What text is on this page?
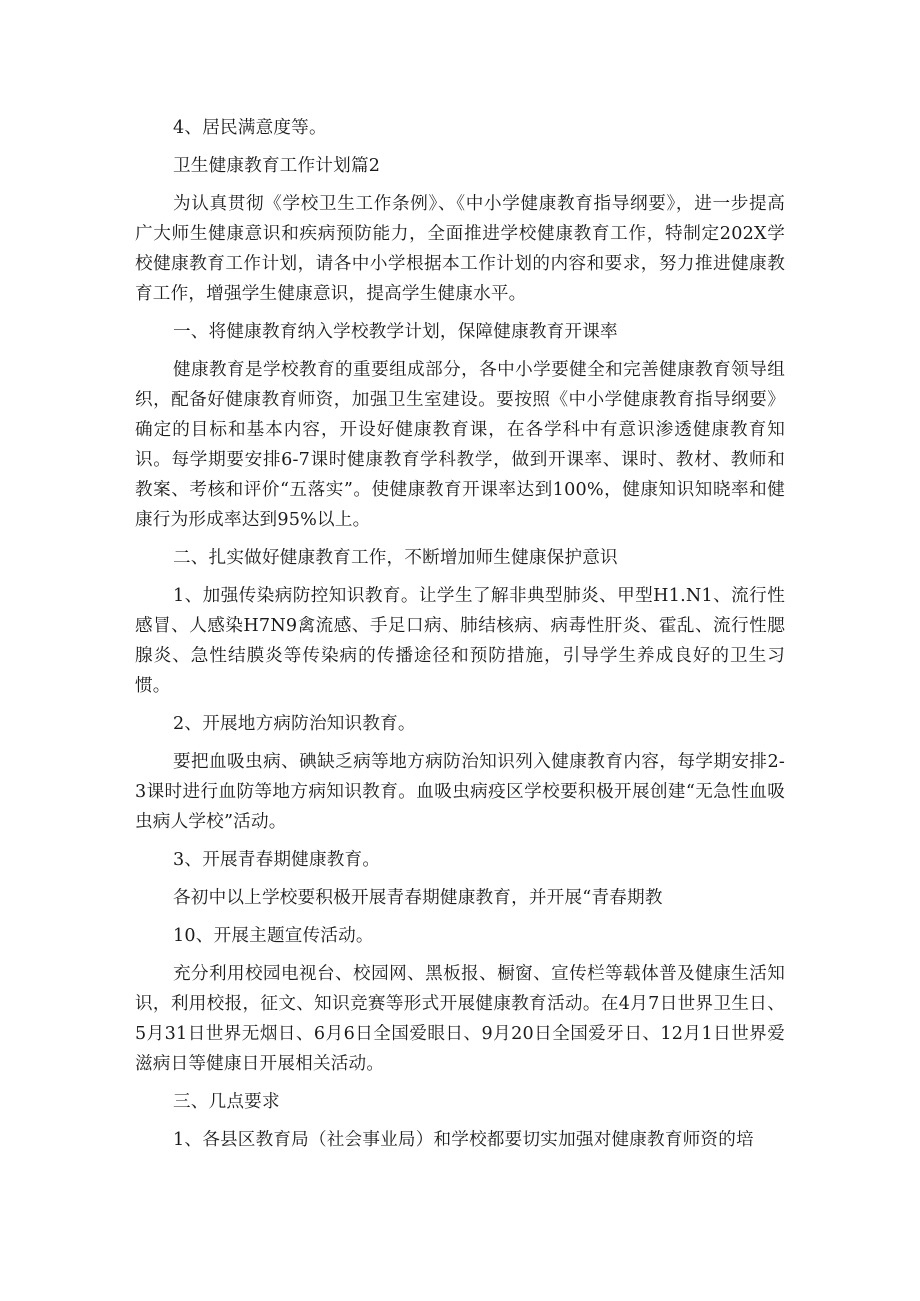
4、居民满意度等。

卫生健康教育工作计划篇2

为认真贯彻《学校卫生工作条例》、《中小学健康教育指导纲要》，进一步提高广大师生健康意识和疾病预防能力，全面推进学校健康教育工作，特制定202X学校健康教育工作计划，请各中小学根据本工作计划的内容和要求，努力推进健康教育工作，增强学生健康意识，提高学生健康水平。

一、将健康教育纳入学校教学计划，保障健康教育开课率

健康教育是学校教育的重要组成部分，各中小学要健全和完善健康教育领导组织，配备好健康教育师资，加强卫生室建设。要按照《中小学健康教育指导纲要》确定的目标和基本内容，开设好健康教育课，在各学科中有意识渗透健康教育知识。每学期要安排6-7课时健康教育学科教学，做到开课率、课时、教材、教师和教案、考核和评价“五落实”。使健康教育开课率达到100%，健康知识知晓率和健康行为形成率达到95%以上。

二、扎实做好健康教育工作，不断增加师生健康保护意识

1、加强传染病防控知识教育。让学生了解非典型肺炎、甲型H1.N1、流行性感冒、人感染H7N9禽流感、手足口病、肺结核病、病毒性肝炎、霍乱、流行性腮腺炎、急性结膜炎等传染病的传播途径和预防措施，引导学生养成良好的卫生习惯。

2、开展地方病防治知识教育。

要把血吸虫病、碘缺乏病等地方病防治知识列入健康教育内容，每学期安排2-3课时进行血防等地方病知识教育。血吸虫病疫区学校要积极开展创建“无急性血吸虫病人学校”活动。

3、开展青春期健康教育。

各初中以上学校要积极开展青春期健康教育，并开展“青春期教

10、开展主题宣传活动。

充分利用校园电视台、校园网、黑板报、橱窗、宣传栏等载体普及健康生活知识，利用校报，征文、知识竞赛等形式开展健康教育活动。在4月7日世界卫生日、5月31日世界无烟日、6月6日全国爱眼日、9月20日全国爱牙日、12月1日世界爱滋病日等健康日开展相关活动。

三、几点要求

1、各县区教育局（社会事业局）和学校都要切实加强对健康教育师资的培
